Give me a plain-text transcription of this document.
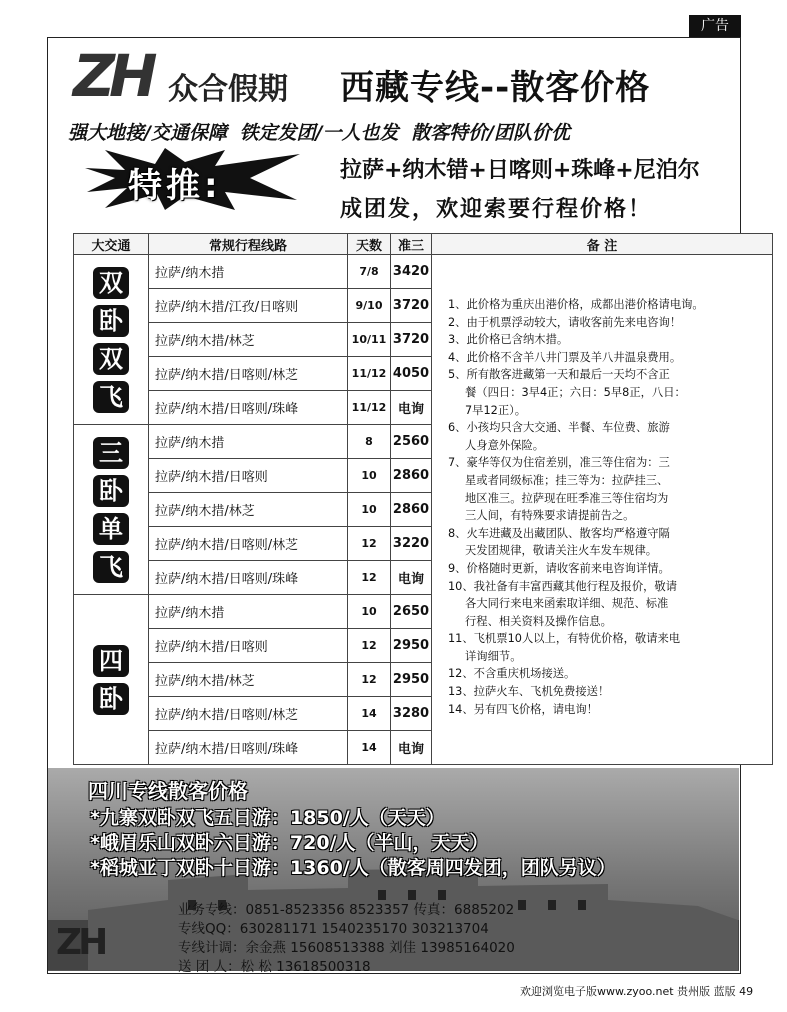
广告
ZH 众合假期 西藏专线--散客价格
强大地接/交通保障 铁定发团/一人也发 散客特价/团队价优
特推:	拉萨+纳木错+日喀则+珠峰+尼泊尔
成团发，欢迎索要行程价格！
大交通	常规行程线路	天数	准三	备 注

双
卧
双
飞	拉萨/纳木措	7/8	3420	
	拉萨/纳木措/江孜/日喀则	9/10	3720	
	拉萨/纳木措/林芝	10/11	3720	
	拉萨/纳木措/日喀则/林芝	11/12	4050	
	拉萨/纳木措/日喀则/珠峰	11/12	电询	

三
卧
单
飞	拉萨/纳木措	8	2560	
	拉萨/纳木措/日喀则	10	2860	
	拉萨/纳木措/林芝	10	2860	
	拉萨/纳木措/日喀则/林芝	12	3220	
	拉萨/纳木措/日喀则/珠峰	12	电询	

四
卧	拉萨/纳木措	10	2650	
	拉萨/纳木措/日喀则	12	2950	
	拉萨/纳木措/林芝	12	2950	
	拉萨/纳木措/日喀则/林芝	14	3280	
	拉萨/纳木措/日喀则/珠峰	14	电询	
1、此价格为重庆出港价格，成都出港价格请电询。
2、由于机票浮动较大，请收客前先来电咨询！
3、此价格已含纳木措。
4、此价格不含羊八井门票及羊八井温泉费用。
5、所有散客进藏第一天和最后一天均不含正
餐（四日：3早4正；六日：5早8正，八日：
7早12正）。
6、小孩均只含大交通、半餐、车位费、旅游
人身意外保险。
7、豪华等仅为住宿差别，准三等住宿为：三
星或者同级标准；挂三等为：拉萨挂三、
地区准三。拉萨现在旺季准三等住宿均为
三人间，有特殊要求请提前告之。
8、火车进藏及出藏团队、散客均严格遵守隔
天发团规律，敬请关注火车发车规律。
9、价格随时更新，请收客前来电咨询详情。
10、我社备有丰富西藏其他行程及报价，敬请
各大同行来电来函索取详细、规范、标准
行程、相关资料及操作信息。
11、飞机票10人以上，有特优价格，敬请来电
详询细节。
12、不含重庆机场接送。
13、拉萨火车、飞机免费接送！
14、另有四飞价格，请电询！
ZH
四川专线散客价格
*九寨双卧双飞五日游：1850/人（天天）
*峨眉乐山双卧六日游：720/人（半山，天天）
*稻城亚丁双卧十日游：1360/人（散客周四发团，团队另议）
业务专线：0851-8523356 8523357 传真：6885202
专线QQ：630281171 1540235170 303213704
专线计调：余金燕 15608513388 刘佳 13985164020
送 团 人：松 松 13618500318
欢迎浏览电子版www.zyoo.net 贵州版 蓝版 49
